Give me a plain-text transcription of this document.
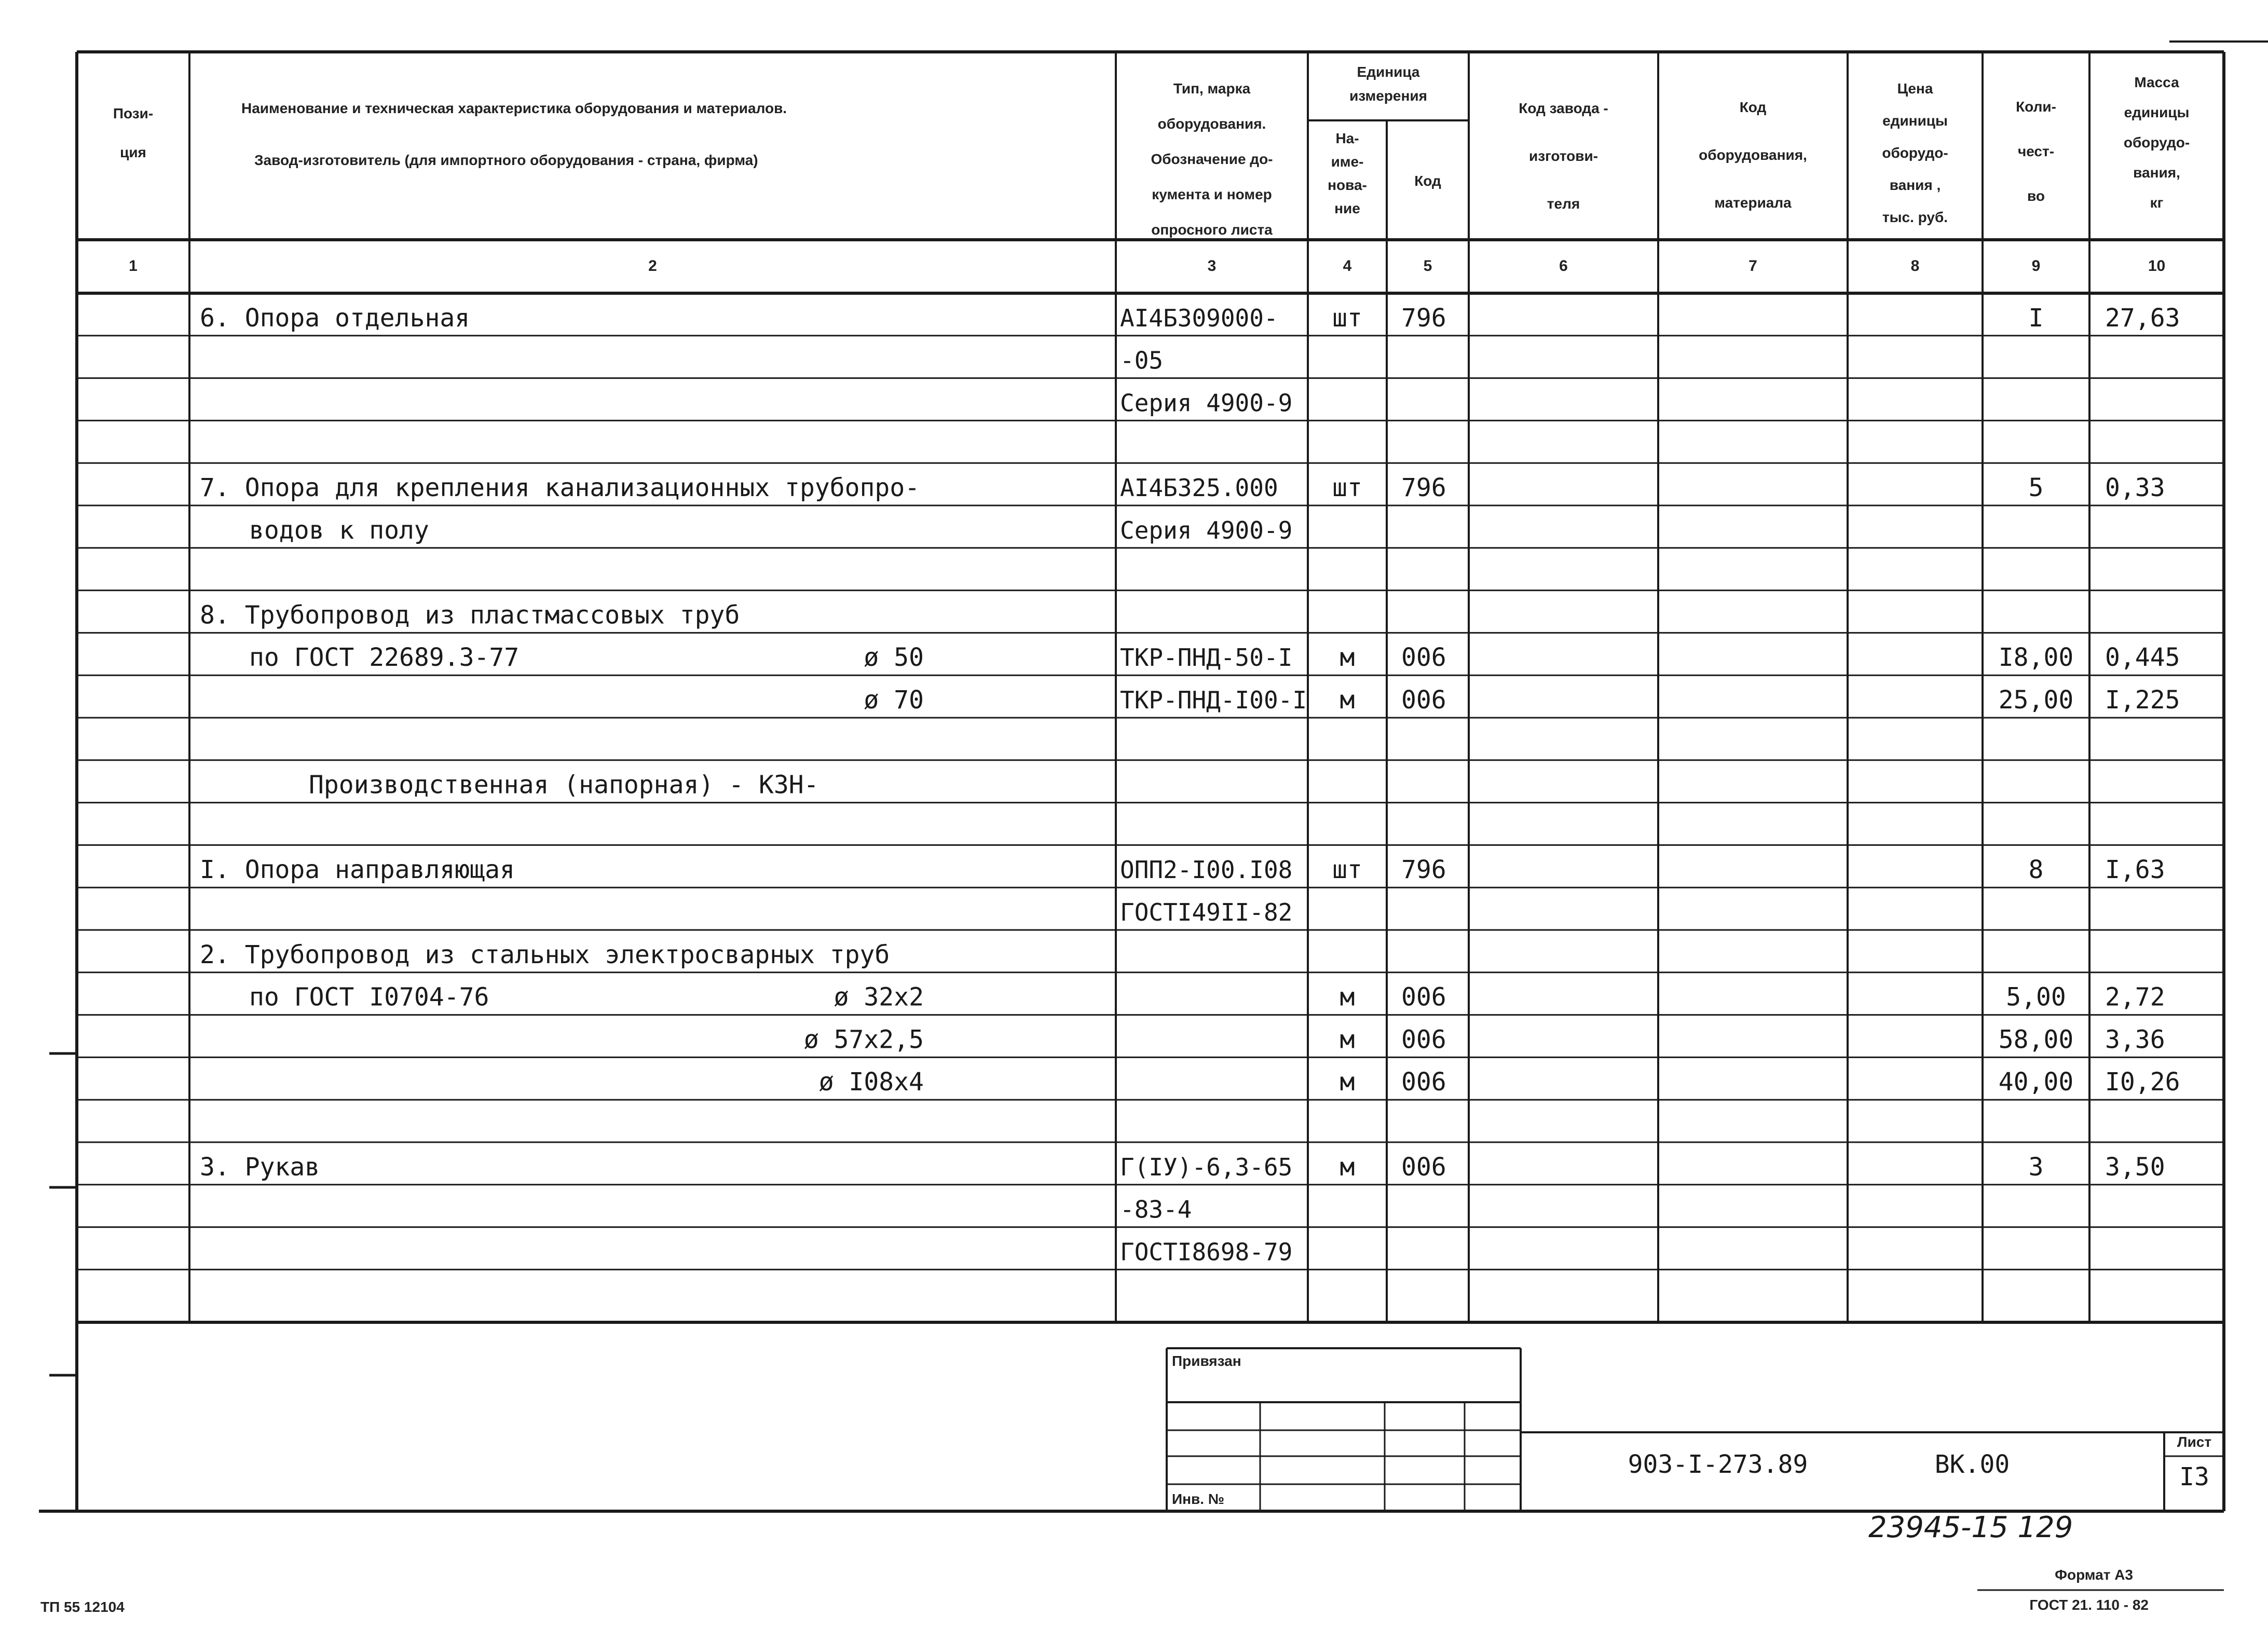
Пози-
ция
Наименование и техническая характеристика оборудования и материалов.
Завод-изготовитель (для импортного оборудования - страна, фирма)
Тип, марка
оборудования.
Обозначение до-
кумента и номер
опросного листа
Единица
измерения
На-
име-
нова-
ние
Код
Код завода -
изготови-
теля
Код
оборудования,
материала
Цена
единицы
оборудо-
вания ,
тыс. руб.
Коли-
чест-
во
Масса
единицы
оборудо-
вания,
кг
1	2	3	4	5	6	7	8	9	10
6. Опора отдельная	АI4Б309000- шт 796	I 27,63
-05
Серия 4900-9
7. Опора для крепления канализационных трубопро-	АI4Б325.000 шт 796	5 0,33
водов к полу	Серия 4900-9
8. Трубопровод из пластмассовых труб
по ГОСТ 22689.3-77	ø 50	ТКР-ПНД-50-I м 006	I8,00 0,445
ø 70	ТКР-ПНД-I00-I м 006	25,00 I,225
Производственная (напорная) - К3Н-
I. Опора направляющая	ОПП2-I00.I08 шт 796	8 I,63
ГОСТI49II-82
2. Трубопровод из стальных электросварных труб
по ГОСТ I0704-76	ø 32x2	м 006	5,00 2,72
ø 57x2,5	м 006	58,00 3,36
ø I08x4	м 006	40,00 I0,26
3. Рукав	Г(IУ)-6,3-65 м 006	3 3,50
-83-4
ГОСТI8698-79
Привязан
Инв. №
903-I-273.89	ВК.00
Лист
I3
23945-15 129
ТП 55 12104
Формат А3
ГОСТ 21. 110 - 82
